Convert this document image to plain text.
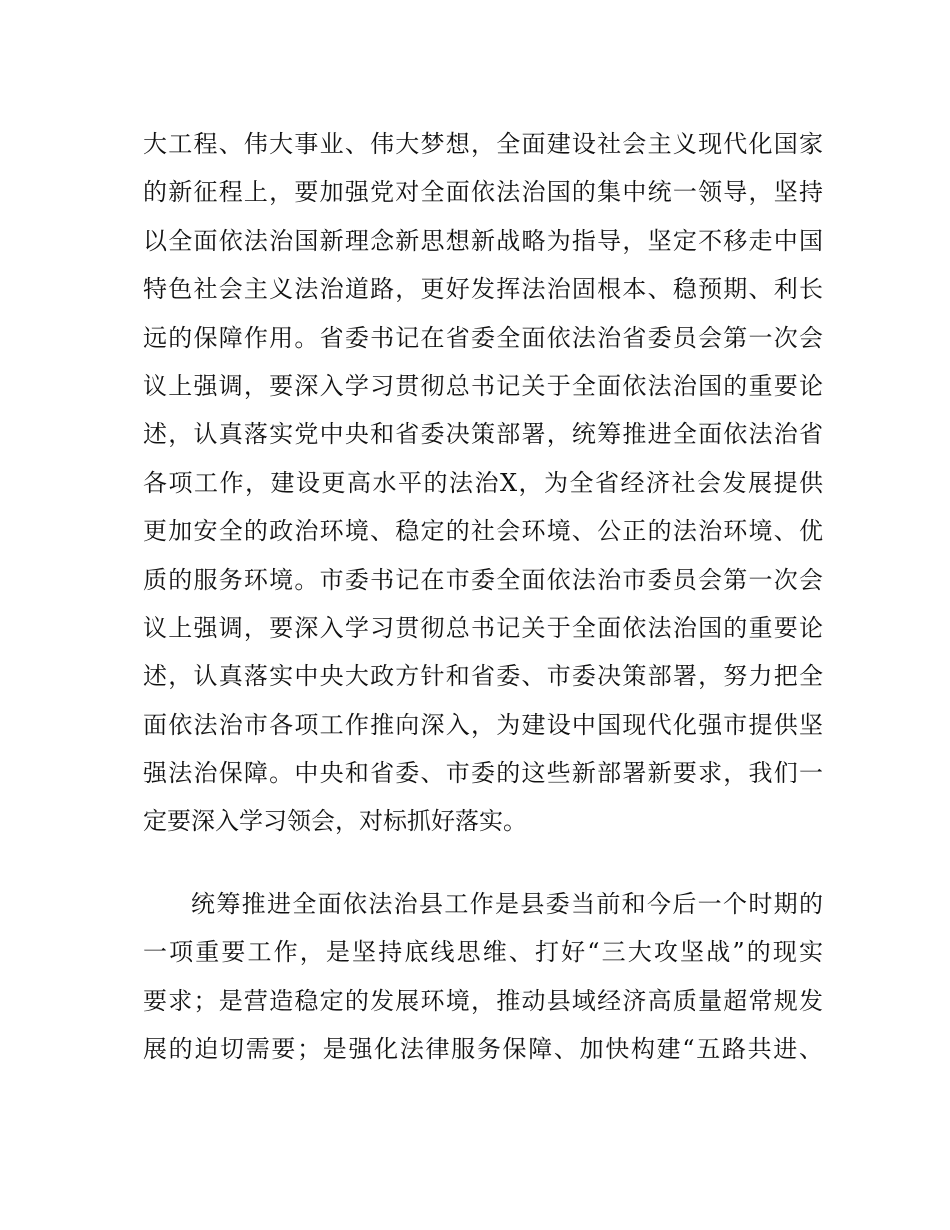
大工程、伟大事业、伟大梦想，全面建设社会主义现代化国家
的新征程上，要加强党对全面依法治国的集中统一领导，坚持
以全面依法治国新理念新思想新战略为指导，坚定不移走中国
特色社会主义法治道路，更好发挥法治固根本、稳预期、利长
远的保障作用。省委书记在省委全面依法治省委员会第一次会
议上强调，要深入学习贯彻总书记关于全面依法治国的重要论
述，认真落实党中央和省委决策部署，统筹推进全面依法治省
各项工作，建设更高水平的法治X，为全省经济社会发展提供
更加安全的政治环境、稳定的社会环境、公正的法治环境、优
质的服务环境。市委书记在市委全面依法治市委员会第一次会
议上强调，要深入学习贯彻总书记关于全面依法治国的重要论
述，认真落实中央大政方针和省委、市委决策部署，努力把全
面依法治市各项工作推向深入，为建设中国现代化强市提供坚
强法治保障。中央和省委、市委的这些新部署新要求，我们一
定要深入学习领会，对标抓好落实。
统筹推进全面依法治县工作是县委当前和今后一个时期的
一项重要工作，是坚持底线思维、打好“三大攻坚战”的现实
要求；是营造稳定的发展环境，推动县域经济高质量超常规发
展的迫切需要；是强化法律服务保障、加快构建“五路共进、
